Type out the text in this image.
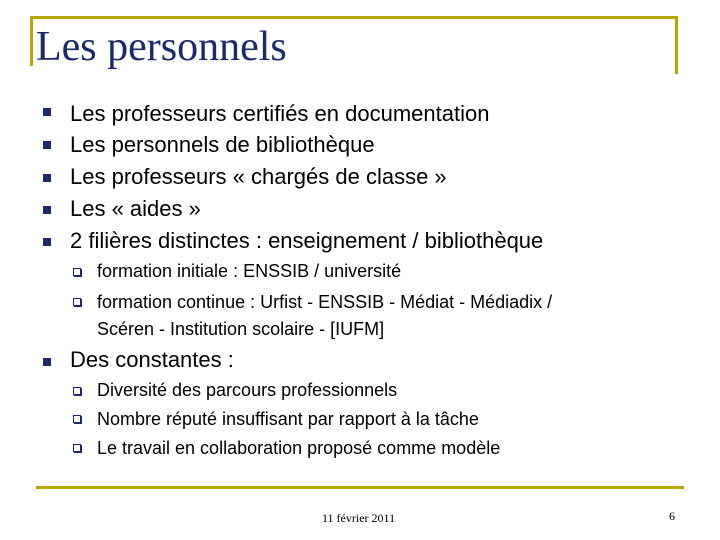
Les personnels
Les professeurs certifiés en documentation
Les personnels de bibliothèque
Les professeurs « chargés de classe »
Les « aides »
2 filières distinctes : enseignement / bibliothèque
formation initiale : ENSSIB / université
formation continue : Urfist - ENSSIB - Médiat - Médiadix /
Scéren - Institution scolaire - [IUFM]
Des constantes :
Diversité des parcours professionnels
Nombre réputé insuffisant par rapport à la tâche
Le travail en collaboration proposé comme modèle
11 février 2011	6
